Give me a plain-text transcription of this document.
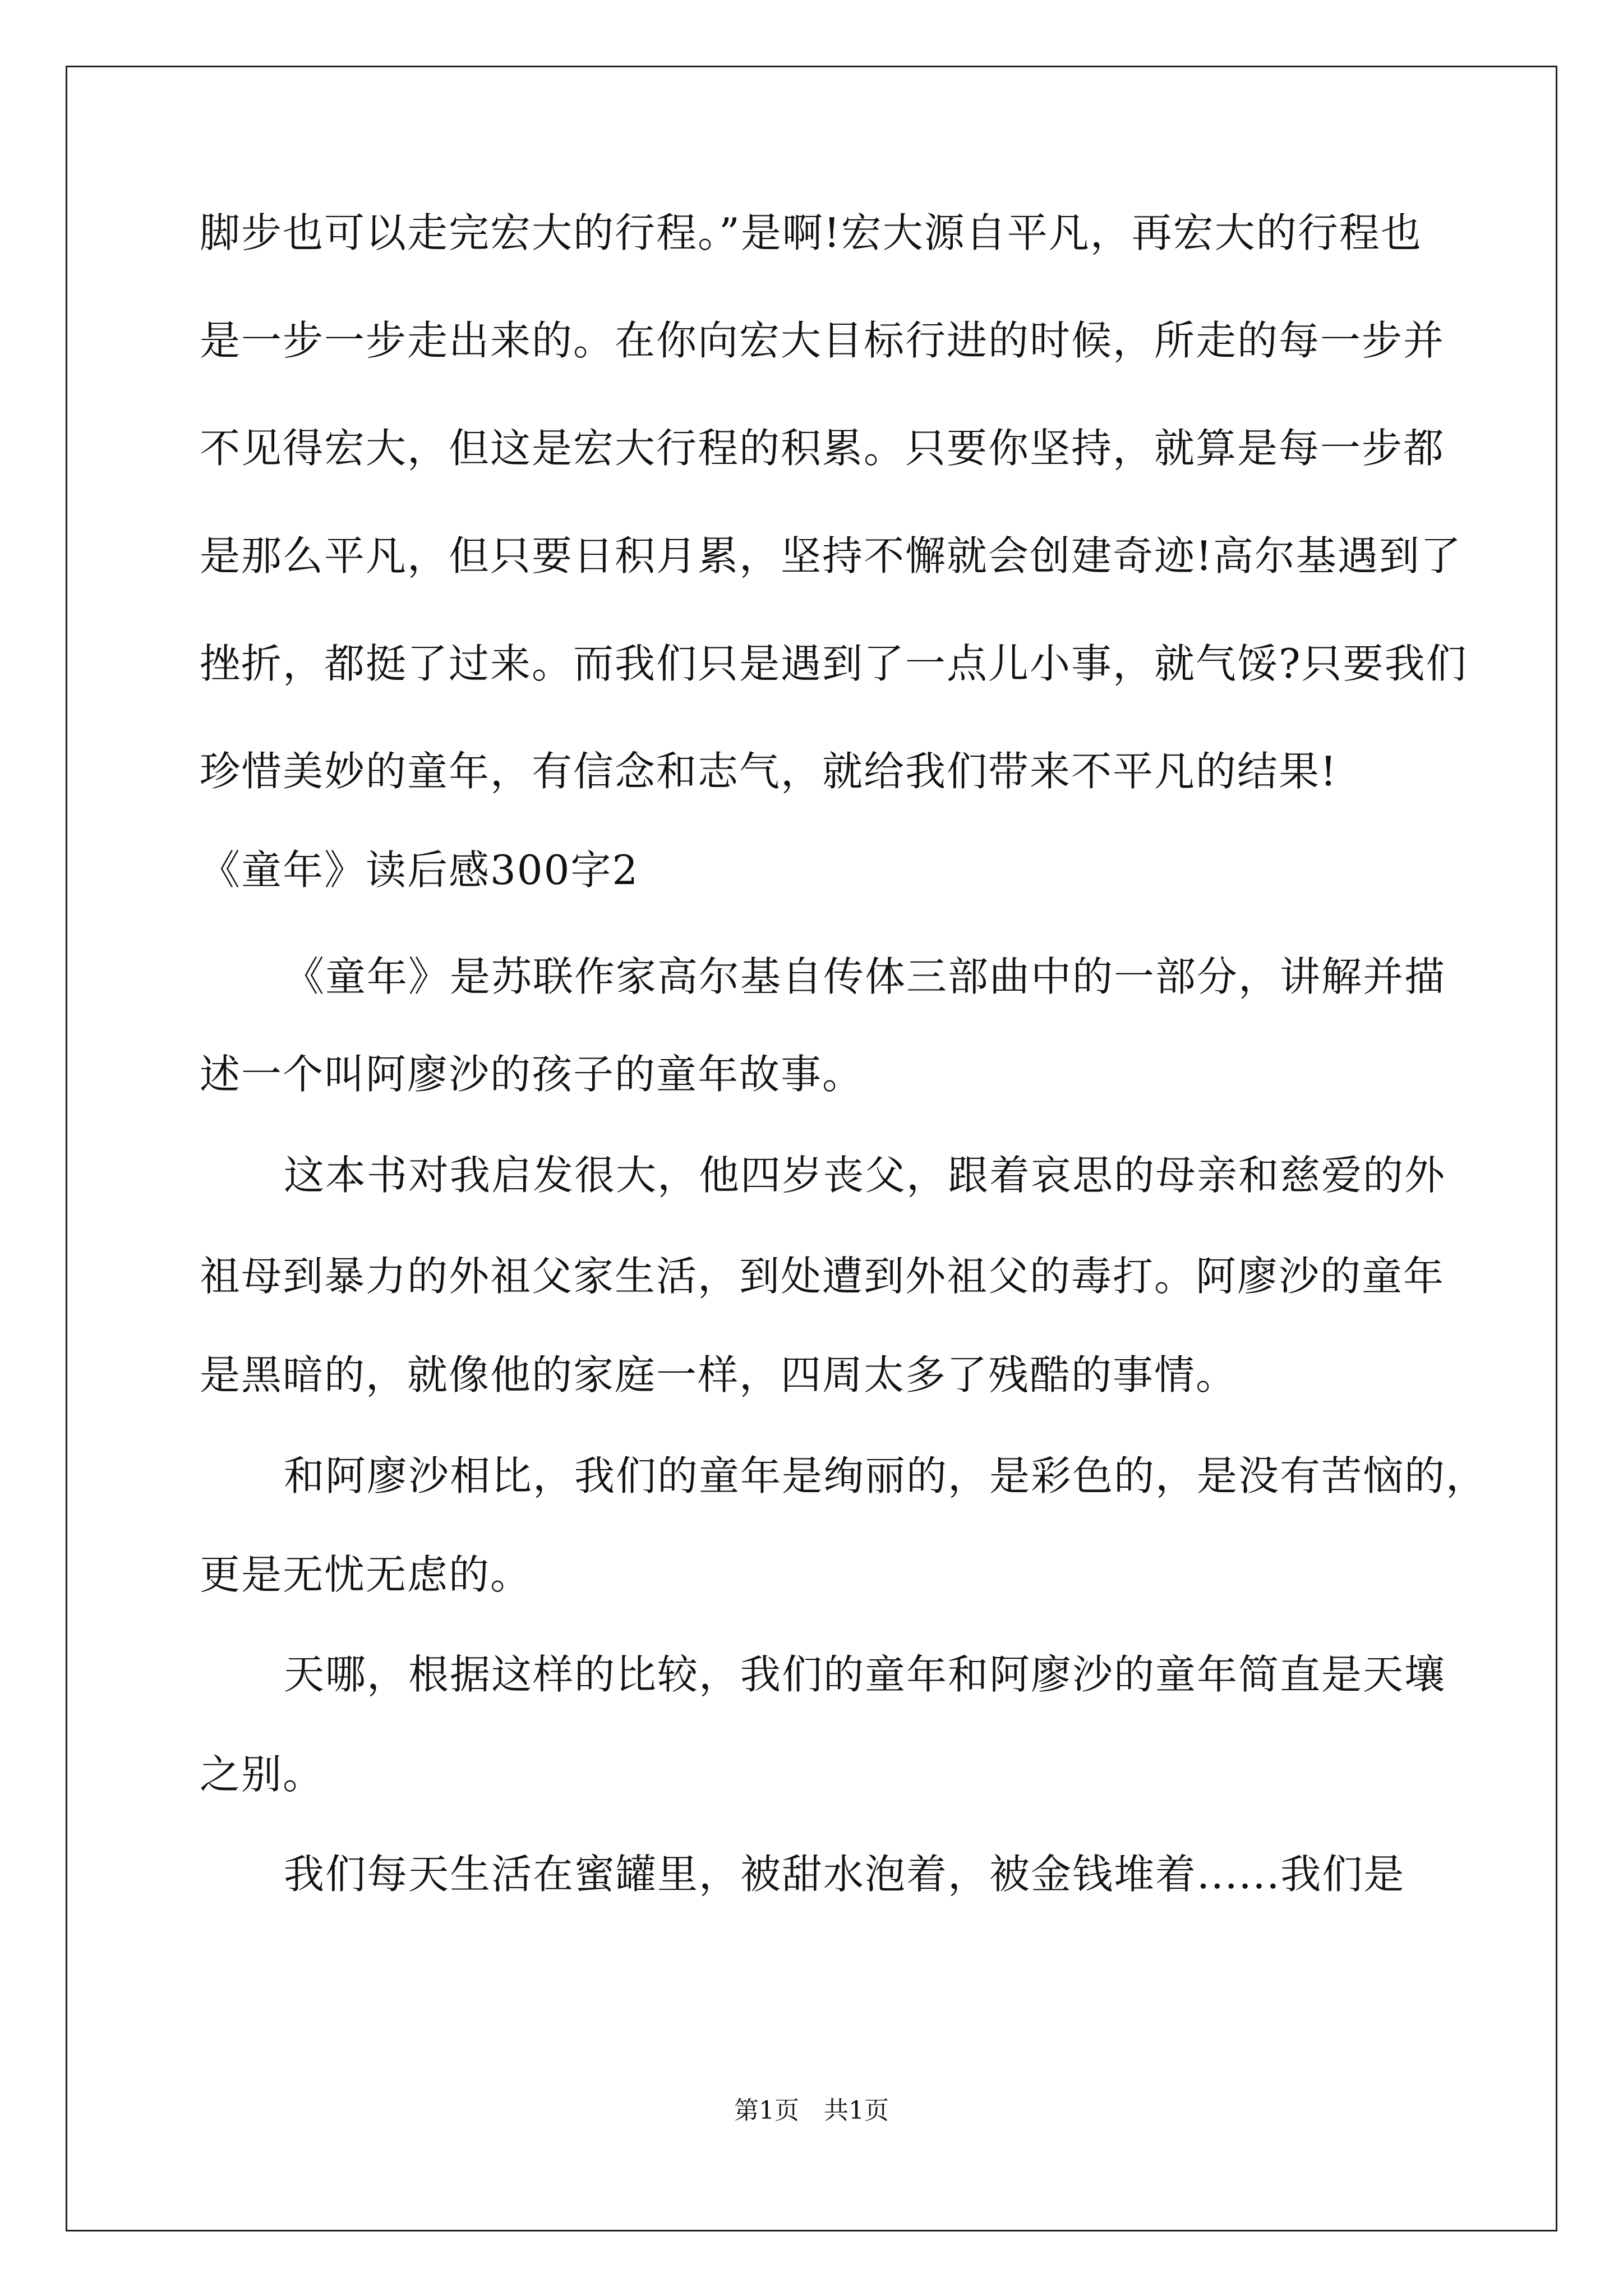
脚步也可以走完宏大的行程。”是啊!宏大源自平凡，再宏大的行程也
是一步一步走出来的。在你向宏大目标行进的时候，所走的每一步并
不见得宏大，但这是宏大行程的积累。只要你坚持，就算是每一步都
是那么平凡，但只要日积月累，坚持不懈就会创建奇迹!高尔基遇到了
挫折，都挺了过来。而我们只是遇到了一点儿小事，就气馁?只要我们
珍惜美妙的童年，有信念和志气，就给我们带来不平凡的结果!
《童年》读后感300字2
《童年》是苏联作家高尔基自传体三部曲中的一部分，讲解并描
述一个叫阿廖沙的孩子的童年故事。
这本书对我启发很大，他四岁丧父，跟着哀思的母亲和慈爱的外
祖母到暴力的外祖父家生活，到处遭到外祖父的毒打。阿廖沙的童年
是黑暗的，就像他的家庭一样，四周太多了残酷的事情。
和阿廖沙相比，我们的童年是绚丽的，是彩色的，是没有苦恼的，
更是无忧无虑的。
天哪，根据这样的比较，我们的童年和阿廖沙的童年简直是天壤
之别。
我们每天生活在蜜罐里，被甜水泡着，被金钱堆着......我们是
第1页　共1页
